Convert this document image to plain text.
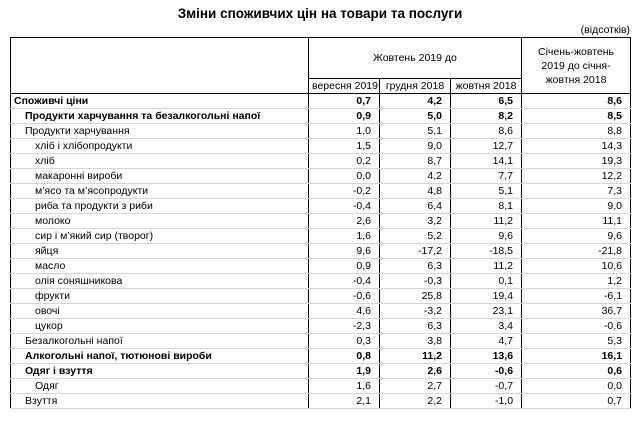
Зміни споживчих цін на товари та послуги
(відсотків)
	Жовтень 2019 до			Січень-жовтень 2019 до січня-жовтня 2018
	вересня 2019	грудня 2018	жовтня 2018	
Споживчі ціни	0,7	4,2	6,5	8,6
Продукти харчування та безалкогольні напої	0,9	5,0	8,2	8,5
Продукти харчування	1,0	5,1	8,6	8,8
хліб і хлібопродукти	1,5	9,0	12,7	14,3
хліб	0,2	8,7	14,1	19,3
макаронні вироби	0,0	4,2	7,7	12,2
м’ясо та м’ясопродукти	-0,2	4,8	5,1	7,3
риба та продукти з риби	-0,4	6,4	8,1	9,0
молоко	2,6	3,2	11,2	11,1
сир і м’який сир (творог)	1,6	5,2	9,6	9,6
яйця	9,6	-17,2	-18,5	-21,8
масло	0,9	6,3	11,2	10,6
олія соняшникова	-0,4	-0,3	0,1	1,2
фрукти	-0,6	25,8	19,4	-6,1
овочі	4,6	-3,2	23,1	36,7
цукор	-2,3	6,3	3,4	-0,6
Безалкогольні напої	0,3	3,8	4,7	5,3
Алкогольні напої, тютюнові вироби	0,8	11,2	13,6	16,1
Одяг і взуття	1,9	2,6	-0,6	0,6
Одяг	1,6	2,7	-0,7	0,0
Взуття	2,1	2,2	-1,0	0,7
